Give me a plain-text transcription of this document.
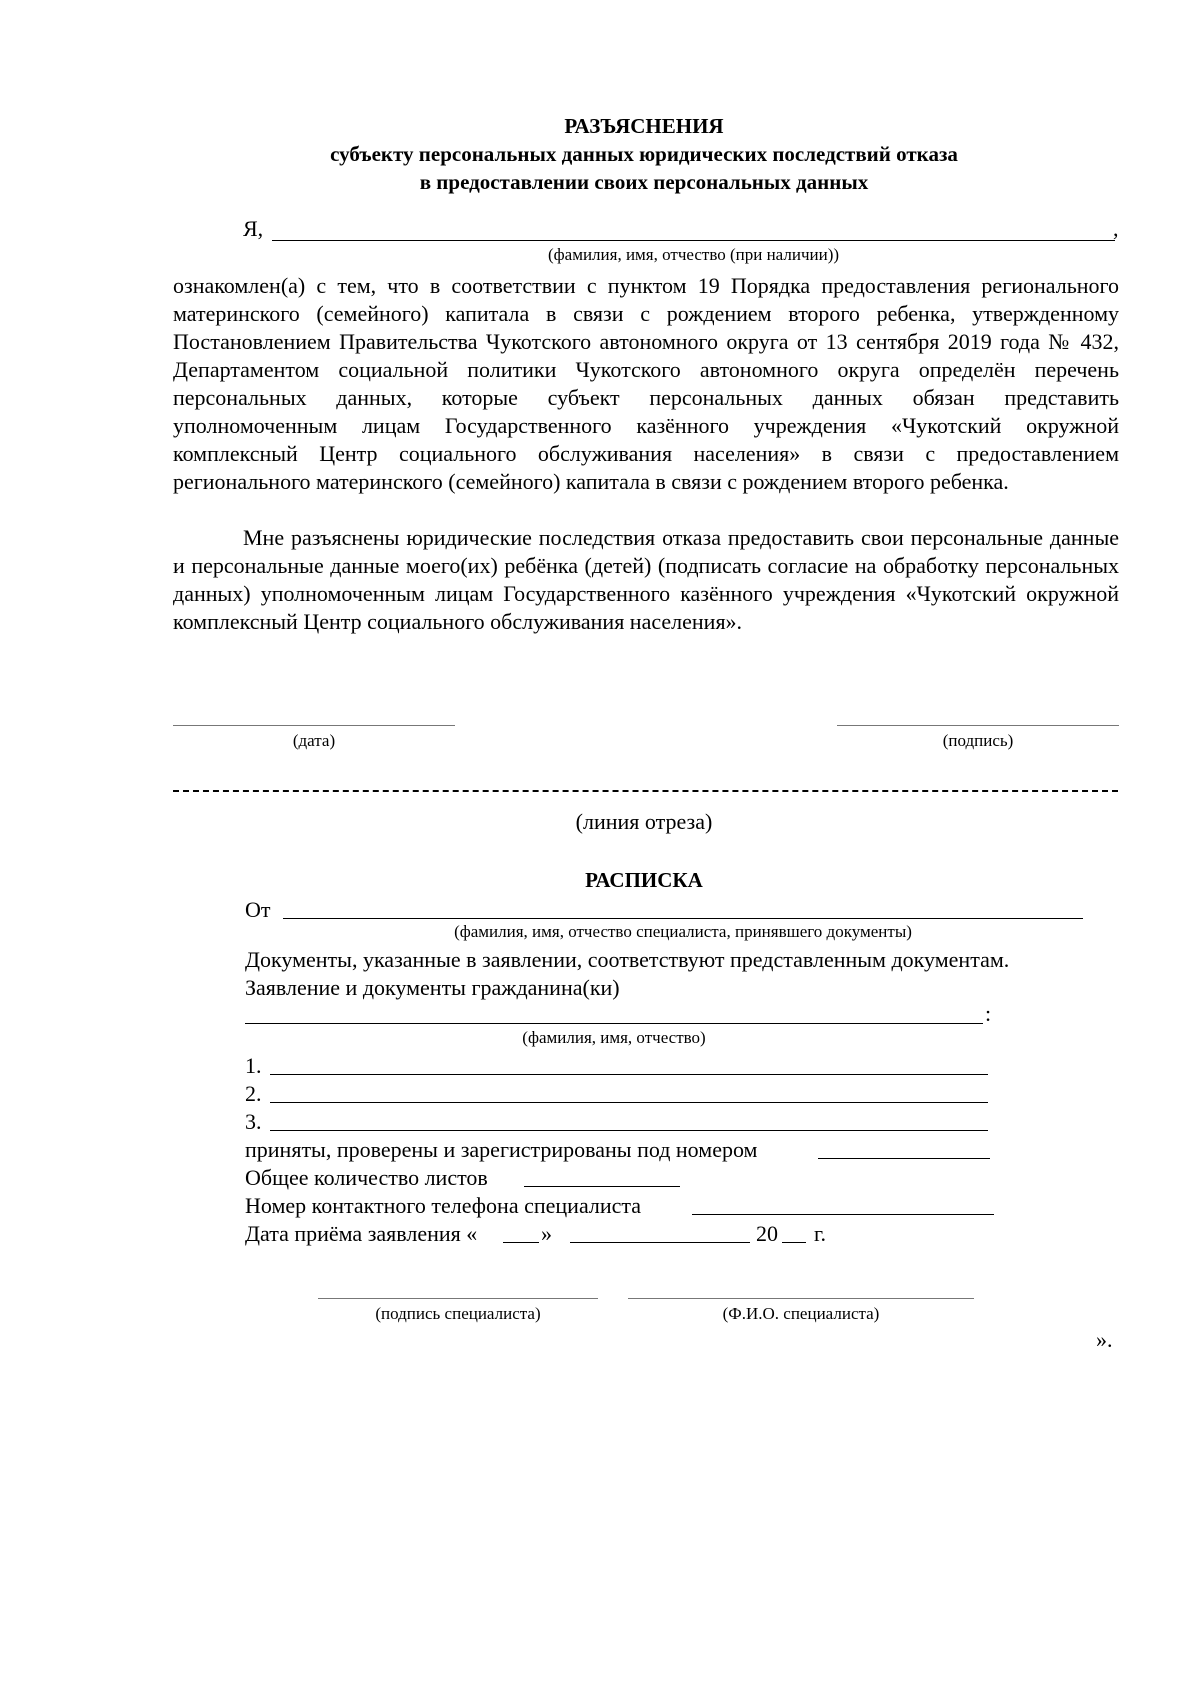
РАЗЪЯСНЕНИЯ
субъекту персональных данных юридических последствий отказа
в предоставлении своих персональных данных
Я,	,
(фамилия, имя, отчество (при наличии))
ознакомлен(а) с тем, что в соответствии с пунктом 19 Порядка предоставления регионального материнского (семейного) капитала в связи с рождением второго ребенка, утвержденному Постановлением Правительства Чукотского автономного округа от 13 сентября 2019 года № 432, Департаментом социальной политики Чукотского автономного округа определён перечень персональных данных, которые субъект персональных данных обязан представить уполномоченным лицам Государственного казённого учреждения «Чукотский окружной комплексный Центр социального обслуживания населения» в связи с предоставлением регионального материнского (семейного) капитала в связи с рождением второго ребенка.
Мне разъяснены юридические последствия отказа предоставить свои персональные данные и персональные данные моего(их) ребёнка (детей) (подписать согласие на обработку персональных данных) уполномоченным лицам Государственного казённого учреждения «Чукотский окружной комплексный Центр социального обслуживания населения».
(дата)	(подпись)
(линия отреза)
РАСПИСКА
От
(фамилия, имя, отчество специалиста, принявшего документы)
Документы, указанные в заявлении, соответствуют представленным документам.
Заявление и документы гражданина(ки)
:
(фамилия, имя, отчество)
1.
2.
3.
приняты, проверены и зарегистрированы под номером
Общее количество листов
Номер контактного телефона специалиста
Дата приёма заявления «	»	20 г.
(подпись специалиста)	(Ф.И.О. специалиста)
».
